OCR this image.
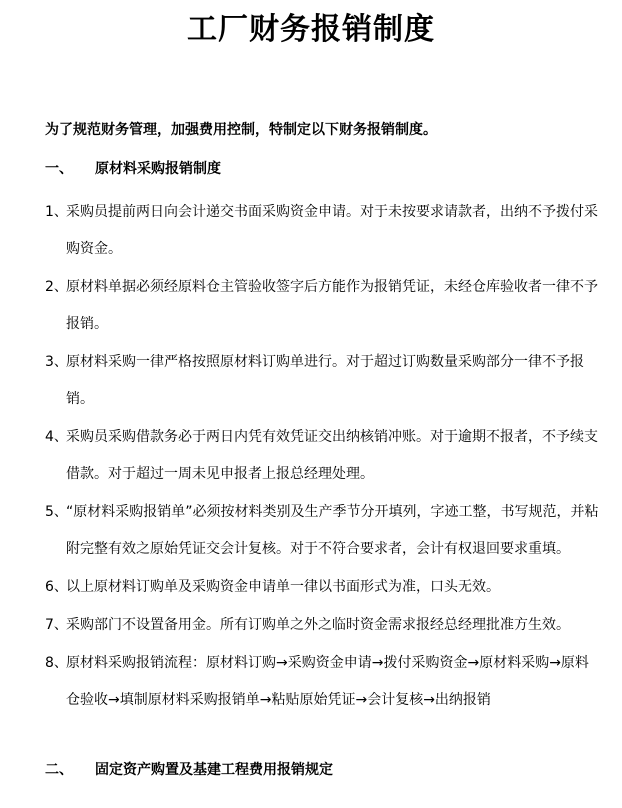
工厂财务报销制度

为了规范财务管理，加强费用控制，特制定以下财务报销制度。

一、 原材料采购报销制度
1、
采购员提前两日向会计递交书面采购资金申请。对于未按要求请款者，出纳不予拨付采购资金。
2、
原材料单据必须经原料仓主管验收签字后方能作为报销凭证，未经仓库验收者一律不予报销。
3、
原材料采购一律严格按照原材料订购单进行。对于超过订购数量采购部分一律不予报销。
4、
采购员采购借款务必于两日内凭有效凭证交出纳核销冲账。对于逾期不报者，不予续支借款。对于超过一周未见申报者上报总经理处理。
5、
“原材料采购报销单”必须按材料类别及生产季节分开填列，字迹工整，书写规范，并粘附完整有效之原始凭证交会计复核。对于不符合要求者，会计有权退回要求重填。
6、
以上原材料订购单及采购资金申请单一律以书面形式为准，口头无效。
7、
采购部门不设置备用金。所有订购单之外之临时资金需求报经总经理批准方生效。
8、
原材料采购报销流程：原材料订购→采购资金申请→拨付采购资金→原材料采购→原料仓验收→填制原材料采购报销单→粘贴原始凭证→会计复核→出纳报销
二、 固定资产购置及基建工程费用报销规定
